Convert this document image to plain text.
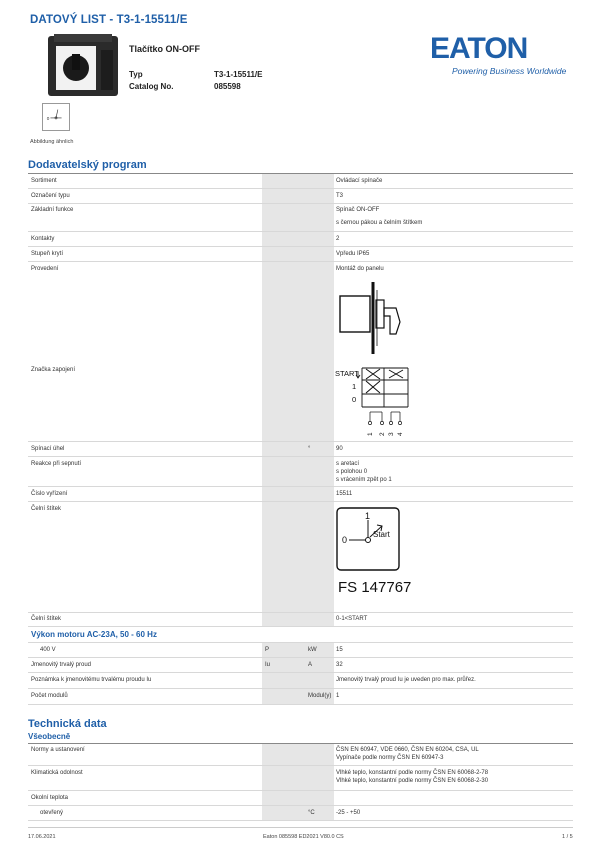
DATOVÝ LIST - T3-1-15511/E
Tlačítko ON-OFF
Typ	T3-1-15511/E
Catalog No.	085598
0
Abbildung ähnlich
EATON
Powering Business Worldwide
Dodavatelský program
Sortiment	Ovládací spínače
Označení typu	T3
Základní funkce	Spínač ON-OFF
s černou pákou a čelním štítkem
Kontakty	2
Stupeň krytí	Vpředu IP65
Provedení	Montáž do panelu
Značka zapojení	START
1
0
1 2 3 4
Spínací úhel	°	90
Reakce při sepnutí	s aretací
s polohou 0
s vrácením zpět po 1
Číslo vyřízení	15511
Čelní štítek
0
1
Start
FS 147767
Čelní štítek	0-1<START
Výkon motoru AC-23A, 50 - 60 Hz
400 V	P	kW	15
Jmenovitý trvalý proud	Iu	A	32
Poznámka k jmenovitému trvalému proudu Iu	Jmenovitý trvalý proud Iu je uveden pro max. průřez.
Počet modulů	Modul(y) 1
Technická data
Všeobecně
Normy a ustanovení	ČSN EN 60947, VDE 0660, ČSN EN 60204, CSA, UL
Vypínače podle normy ČSN EN 60947-3
Klimatická odolnost	Vlhké teplo, konstantní podle normy ČSN EN 60068-2-78
Vlhké teplo, konstantní podle normy ČSN EN 60068-2-30
Okolní teplota
otevřený	°C	-25 - +50
17.06.2021	Eaton 085598 ED2021 V80.0 CS	1 / 5
